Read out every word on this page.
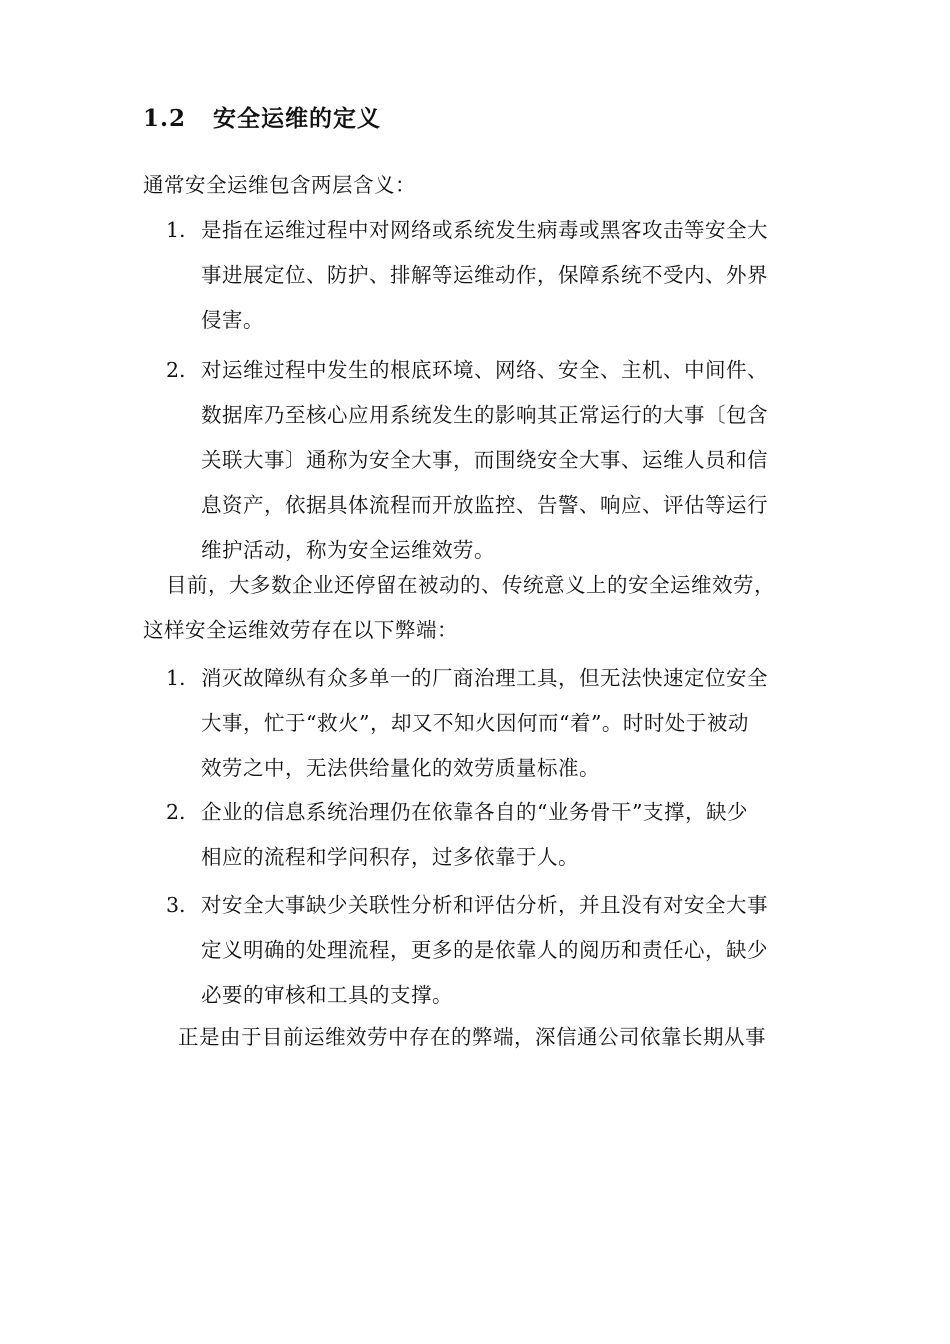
1.2 安全运维的定义
通常安全运维包含两层含义：
1. 是指在运维过程中对网络或系统发生病毒或黑客攻击等安全大
事进展定位、防护、排解等运维动作，保障系统不受内、外界
侵害。
2. 对运维过程中发生的根底环境、网络、安全、主机、中间件、
数据库乃至核心应用系统发生的影响其正常运行的大事〔包含
关联大事〕通称为安全大事，而围绕安全大事、运维人员和信
息资产，依据具体流程而开放监控、告警、响应、评估等运行
维护活动，称为安全运维效劳。
目前，大多数企业还停留在被动的、传统意义上的安全运维效劳，
这样安全运维效劳存在以下弊端：
1. 消灭故障纵有众多单一的厂商治理工具，但无法快速定位安全
大事，忙于“救火”，却又不知火因何而“着”。时时处于被动
效劳之中，无法供给量化的效劳质量标准。
2. 企业的信息系统治理仍在依靠各自的“业务骨干”支撑，缺少
相应的流程和学问积存，过多依靠于人。
3. 对安全大事缺少关联性分析和评估分析，并且没有对安全大事
定义明确的处理流程，更多的是依靠人的阅历和责任心，缺少
必要的审核和工具的支撑。
正是由于目前运维效劳中存在的弊端，深信通公司依靠长期从事
